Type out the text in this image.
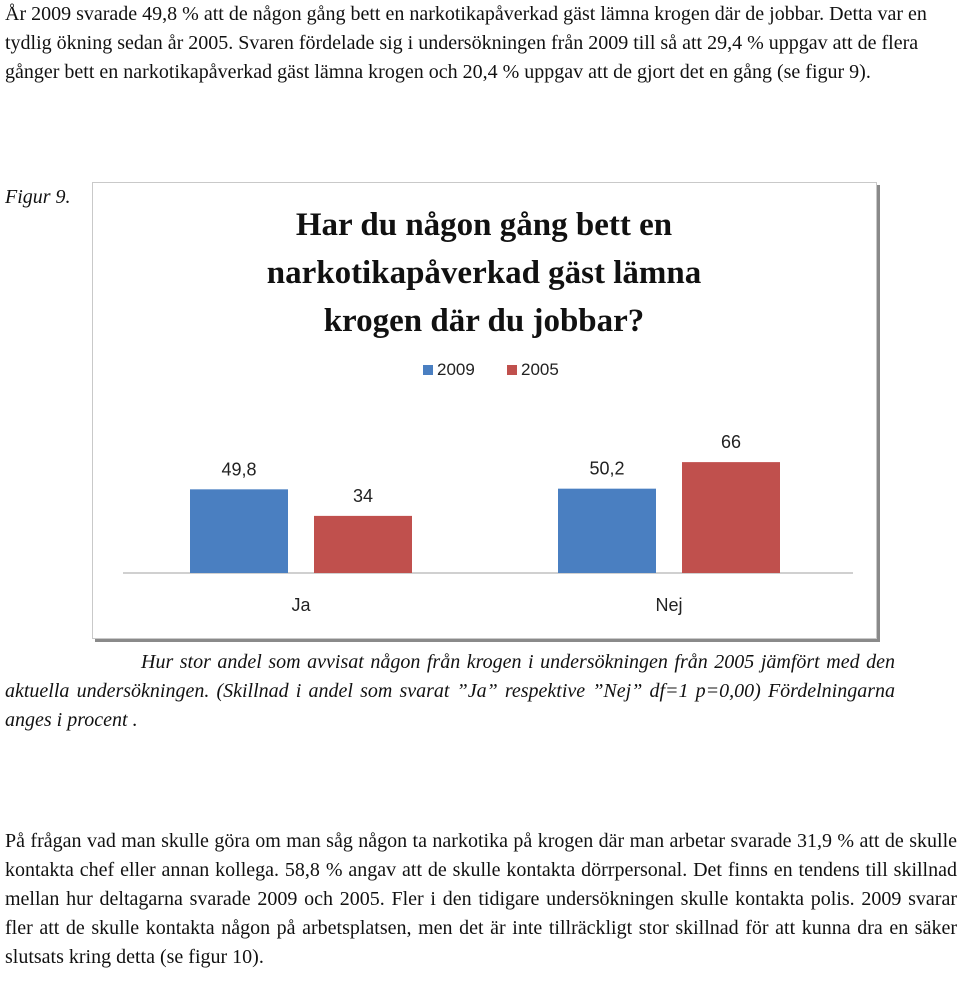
År 2009 svarade 49,8 % att de någon gång bett en narkotikapåverkad gäst lämna krogen där de jobbar. Detta var en tydlig ökning sedan år 2005. Svaren fördelade sig i undersökningen från 2009 till så att 29,4 % uppgav att de flera gånger bett en narkotikapåverkad gäst lämna krogen och 20,4 % uppgav att de gjort det en gång (se figur 9).

Figur 9.
Har du någon gång bett en
narkotikapåverkad gäst lämna
krogen där du jobbar?
2009	2005
49,8
34
Ja
50,2
66
Nej

Hur stor andel som avvisat någon från krogen i undersökningen från 2005 jämfört med den aktuella undersökningen. (Skillnad i andel som svarat ”Ja” respektive ”Nej” df=1 p=0,00) Fördelningarna anges i procent .

På frågan vad man skulle göra om man såg någon ta narkotika på krogen där man arbetar svarade 31,9 % att de skulle kontakta chef eller annan kollega. 58,8 % angav att de skulle kontakta dörrpersonal. Det finns en tendens till skillnad mellan hur deltagarna svarade 2009 och 2005. Fler i den tidigare undersökningen skulle kontakta polis. 2009 svarar fler att de skulle kontakta någon på arbetsplatsen, men det är inte tillräckligt stor skillnad för att kunna dra en säker slutsats kring detta (se figur 10).
